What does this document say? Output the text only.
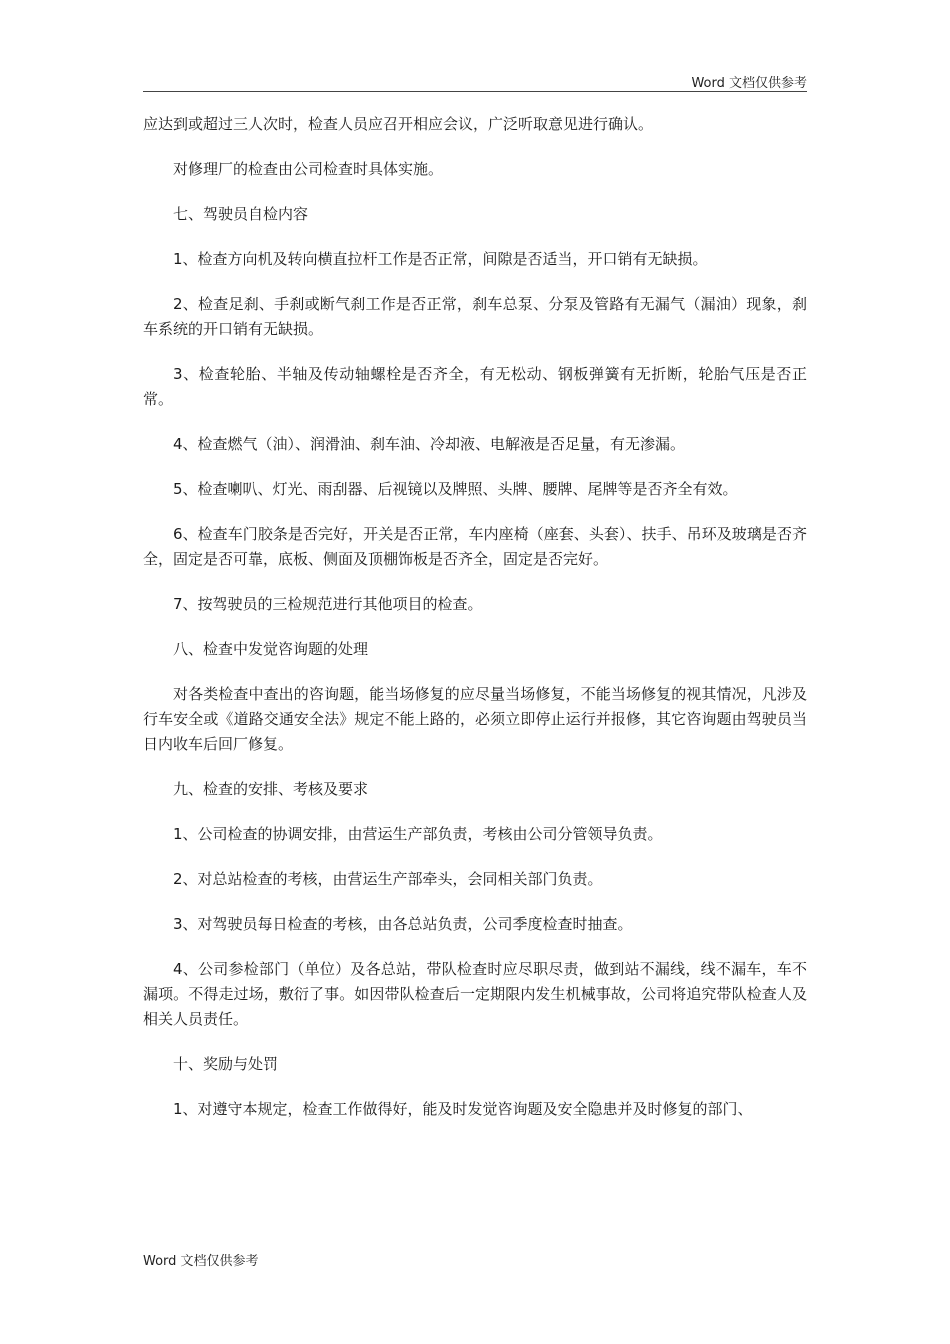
Word 文档仅供参考

应达到或超过三人次时，检查人员应召开相应会议，广泛听取意见进行确认。

对修理厂的检查由公司检查时具体实施。

七、驾驶员自检内容

1、检查方向机及转向横直拉杆工作是否正常，间隙是否适当，开口销有无缺损。

2、检查足刹、手刹或断气刹工作是否正常，刹车总泵、分泵及管路有无漏气（漏油）现象，刹车系统的开口销有无缺损。

3、检查轮胎、半轴及传动轴螺栓是否齐全，有无松动、钢板弹簧有无折断，轮胎气压是否正常。

4、检查燃气（油）、润滑油、刹车油、冷却液、电解液是否足量，有无渗漏。

5、检查喇叭、灯光、雨刮器、后视镜以及牌照、头牌、腰牌、尾牌等是否齐全有效。

6、检查车门胶条是否完好，开关是否正常，车内座椅（座套、头套）、扶手、吊环及玻璃是否齐全，固定是否可靠，底板、侧面及顶棚饰板是否齐全，固定是否完好。

7、按驾驶员的三检规范进行其他项目的检查。

八、检查中发觉咨询题的处理

对各类检查中查出的咨询题，能当场修复的应尽量当场修复，不能当场修复的视其情况，凡涉及行车安全或《道路交通安全法》规定不能上路的，必须立即停止运行并报修，其它咨询题由驾驶员当日内收车后回厂修复。

九、检查的安排、考核及要求

1、公司检查的协调安排，由营运生产部负责，考核由公司分管领导负责。

2、对总站检查的考核，由营运生产部牵头，会同相关部门负责。

3、对驾驶员每日检查的考核，由各总站负责，公司季度检查时抽查。

4、公司参检部门（单位）及各总站，带队检查时应尽职尽责，做到站不漏线，线不漏车，车不漏项。不得走过场，敷衍了事。如因带队检查后一定期限内发生机械事故，公司将追究带队检查人及相关人员责任。

十、奖励与处罚

1、对遵守本规定，检查工作做得好，能及时发觉咨询题及安全隐患并及时修复的部门、

Word 文档仅供参考
